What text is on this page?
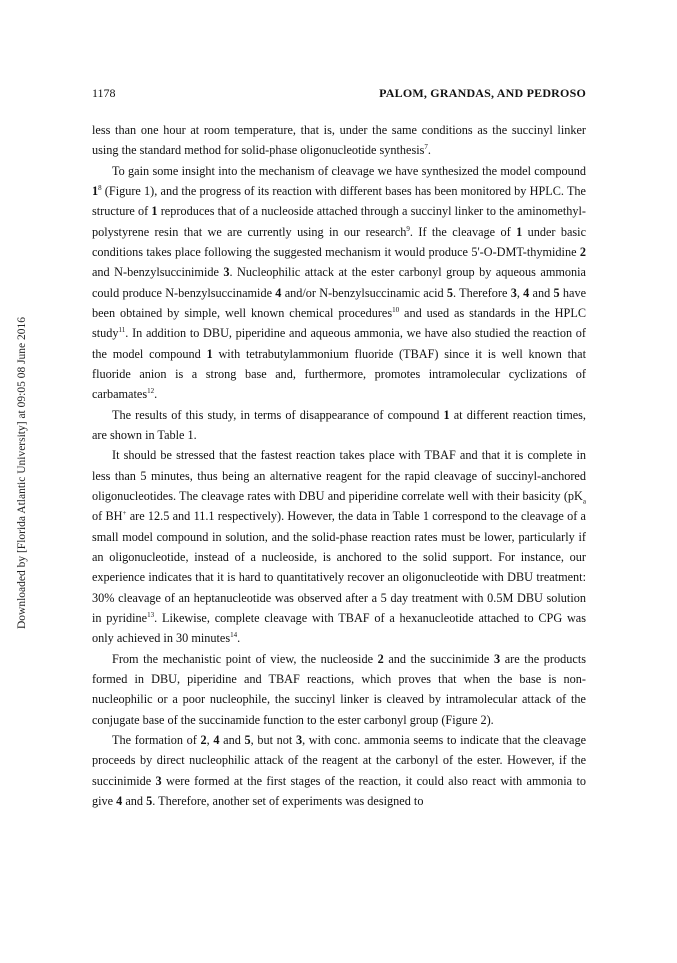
Downloaded by [Florida Atlantic University] at 09:05 08 June 2016
1178	PALOM, GRANDAS, AND PEDROSO

less than one hour at room temperature, that is, under the same conditions as the succinyl linker using the standard method for solid-phase oligonucleotide synthesis$^7$.

To gain some insight into the mechanism of cleavage we have synthesized the model compound $1^8$ (Figure 1), and the progress of its reaction with different bases has been monitored by HPLC. The structure of 1 reproduces that of a nucleoside attached through a succinyl linker to the aminomethyl-polystyrene resin that we are currently using in our research$^9$. If the cleavage of 1 under basic conditions takes place following the suggested mechanism it would produce 5'-O-DMT-thymidine 2 and N-benzylsuccinimide 3. Nucleophilic attack at the ester carbonyl group by aqueous ammonia could produce N-benzylsuccinamide 4 and/or N-benzylsuccinamic acid 5. Therefore 3, 4 and 5 have been obtained by simple, well known chemical procedures$^{10}$ and used as standards in the HPLC study$^{11}$. In addition to DBU, piperidine and aqueous ammonia, we have also studied the reaction of the model compound 1 with tetrabutylammonium fluoride (TBAF) since it is well known that fluoride anion is a strong base and, furthermore, promotes intramolecular cyclizations of carbamates$^{12}$.

The results of this study, in terms of disappearance of compound 1 at different reaction times, are shown in Table 1.

It should be stressed that the fastest reaction takes place with TBAF and that it is complete in less than 5 minutes, thus being an alternative reagent for the rapid cleavage of succinyl-anchored oligonucleotides. The cleavage rates with DBU and piperidine correlate well with their basicity ($pK_a$ of BH+ are 12.5 and 11.1 respectively). However, the data in Table 1 correspond to the cleavage of a small model compound in solution, and the solid-phase reaction rates must be lower, particularly if an oligonucleotide, instead of a nucleoside, is anchored to the solid support. For instance, our experience indicates that it is hard to quantitatively recover an oligonucleotide with DBU treatment: 30% cleavage of an heptanucleotide was observed after a 5 day treatment with 0.5M DBU solution in pyridine$^{13}$. Likewise, complete cleavage with TBAF of a hexanucleotide attached to CPG was only achieved in 30 minutes$^{14}$.

From the mechanistic point of view, the nucleoside 2 and the succinimide 3 are the products formed in DBU, piperidine and TBAF reactions, which proves that when the base is non-nucleophilic or a poor nucleophile, the succinyl linker is cleaved by intramolecular attack of the conjugate base of the succinamide function to the ester carbonyl group (Figure 2).

The formation of 2, 4 and 5, but not 3, with conc. ammonia seems to indicate that the cleavage proceeds by direct nucleophilic attack of the reagent at the carbonyl of the ester. However, if the succinimide 3 were formed at the first stages of the reaction, it could also react with ammonia to give 4 and 5. Therefore, another set of experiments was designed to
